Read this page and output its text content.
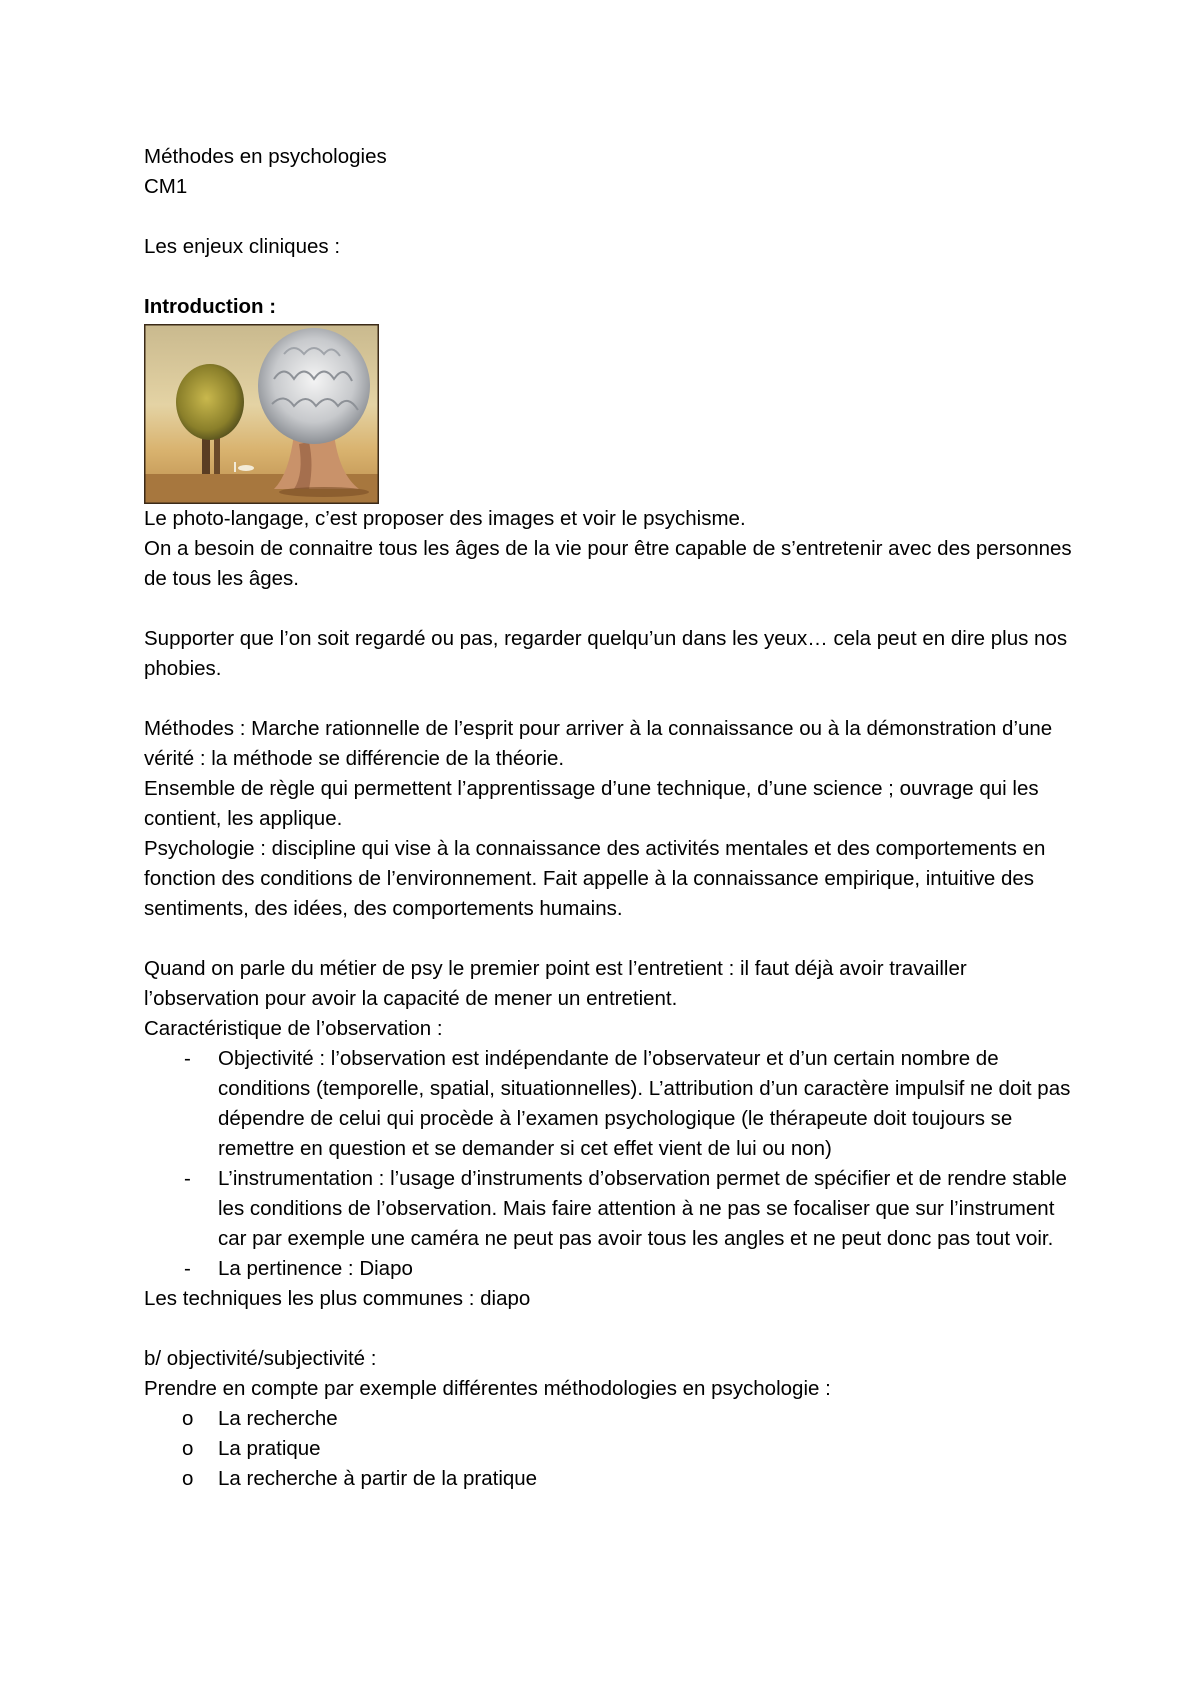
Méthodes en psychologies

CM1

Les enjeux cliniques :

Introduction :

Le photo-langage, c’est proposer des images et voir le psychisme.

On a besoin de connaitre tous les âges de la vie pour être capable de s’entretenir avec des personnes de tous les âges.

Supporter que l’on soit regardé ou pas, regarder quelqu’un dans les yeux… cela peut en dire plus nos phobies.

Méthodes : Marche rationnelle de l’esprit pour arriver à la connaissance ou à la démonstration d’une vérité : la méthode se différencie de la théorie.

Ensemble de règle qui permettent l’apprentissage d’une technique, d’une science ; ouvrage qui les contient, les applique.

Psychologie : discipline qui vise à la connaissance des activités mentales et des comportements en fonction des conditions de l’environnement. Fait appelle à la connaissance empirique, intuitive des sentiments, des idées, des comportements humains.

Quand on parle du métier de psy le premier point est l’entretient : il faut déjà avoir travailler l’observation pour avoir la capacité de mener un entretient.

Caractéristique de l’observation :

- Objectivité : l’observation est indépendante de l’observateur et d’un certain nombre de conditions (temporelle, spatial, situationnelles). L’attribution d’un caractère impulsif ne doit pas dépendre de celui qui procède à l’examen psychologique (le thérapeute doit toujours se remettre en question et se demander si cet effet vient de lui ou non)
- L’instrumentation : l’usage d’instruments d’observation permet de spécifier et de rendre stable les conditions de l’observation. Mais faire attention à ne pas se focaliser que sur l’instrument car par exemple une caméra ne peut pas avoir tous les angles et ne peut donc pas tout voir.
- La pertinence : Diapo

Les techniques les plus communes : diapo

b/ objectivité/subjectivité :

Prendre en compte par exemple différentes méthodologies en psychologie :

o La recherche
o La pratique
o La recherche à partir de la pratique
